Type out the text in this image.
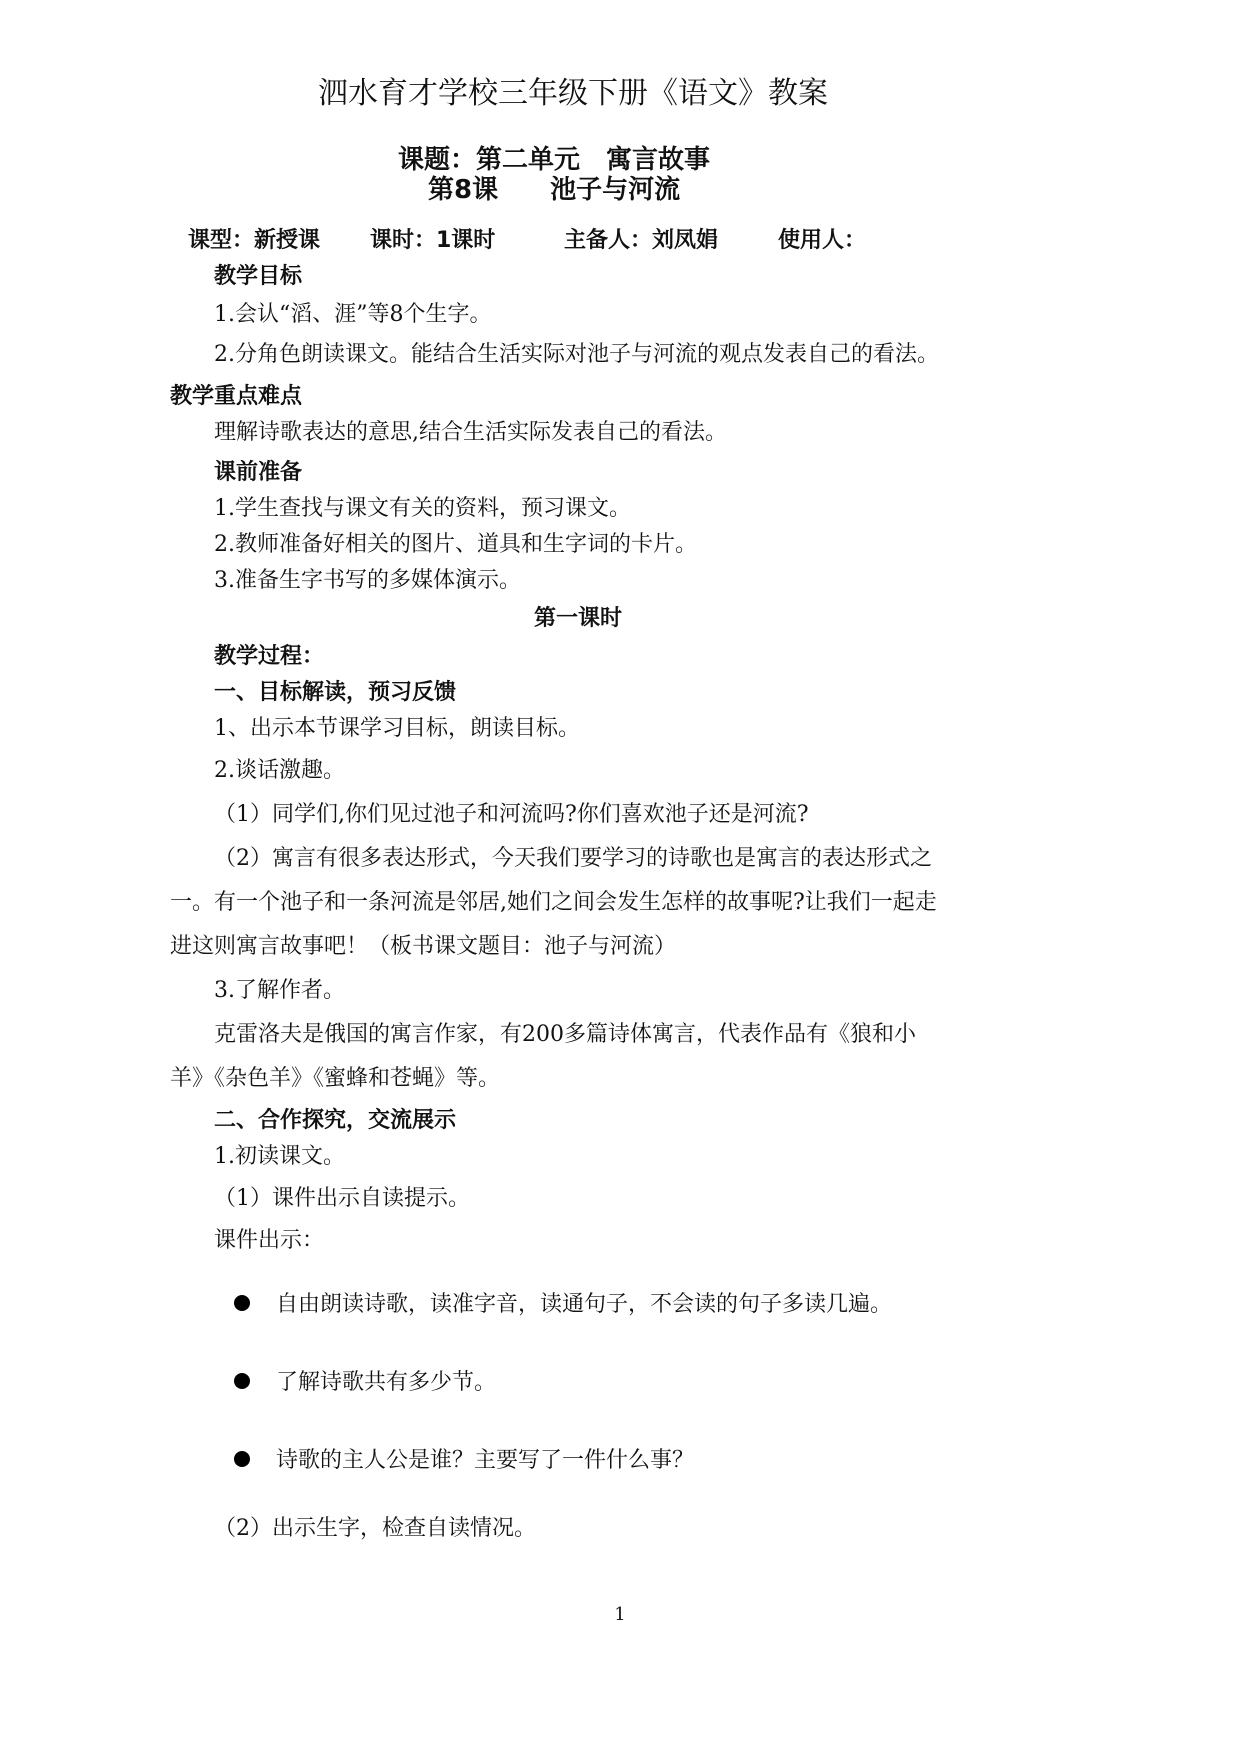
泗水育才学校三年级下册《语文》教案
课题：第二单元　寓言故事
第8课　　池子与河流
课型：新授课 课时：1课时	主备人：刘凤娟	使用人：
教学目标
1.会认“滔、涯”等8个生字。
2.分角色朗读课文。能结合生活实际对池子与河流的观点发表自己的看法。
教学重点难点
理解诗歌表达的意思,结合生活实际发表自己的看法。
课前准备
1.学生查找与课文有关的资料，预习课文。
2.教师准备好相关的图片、道具和生字词的卡片。
3.准备生字书写的多媒体演示。
第一课时
教学过程：
一、目标解读，预习反馈
1、出示本节课学习目标，朗读目标。
2.谈话激趣。
（1）同学们,你们见过池子和河流吗?你们喜欢池子还是河流?
（2）寓言有很多表达形式，今天我们要学习的诗歌也是寓言的表达形式之
一。有一个池子和一条河流是邻居,她们之间会发生怎样的故事呢?让我们一起走
进这则寓言故事吧！（板书课文题目：池子与河流）
3.了解作者。
克雷洛夫是俄国的寓言作家，有200多篇诗体寓言，代表作品有《狼和小
羊》《杂色羊》《蜜蜂和苍蝇》等。
二、合作探究，交流展示
1.初读课文。
（1）课件出示自读提示。
课件出示：
自由朗读诗歌，读准字音，读通句子，不会读的句子多读几遍。
了解诗歌共有多少节。
诗歌的主人公是谁？主要写了一件什么事？
（2）出示生字，检查自读情况。
1
